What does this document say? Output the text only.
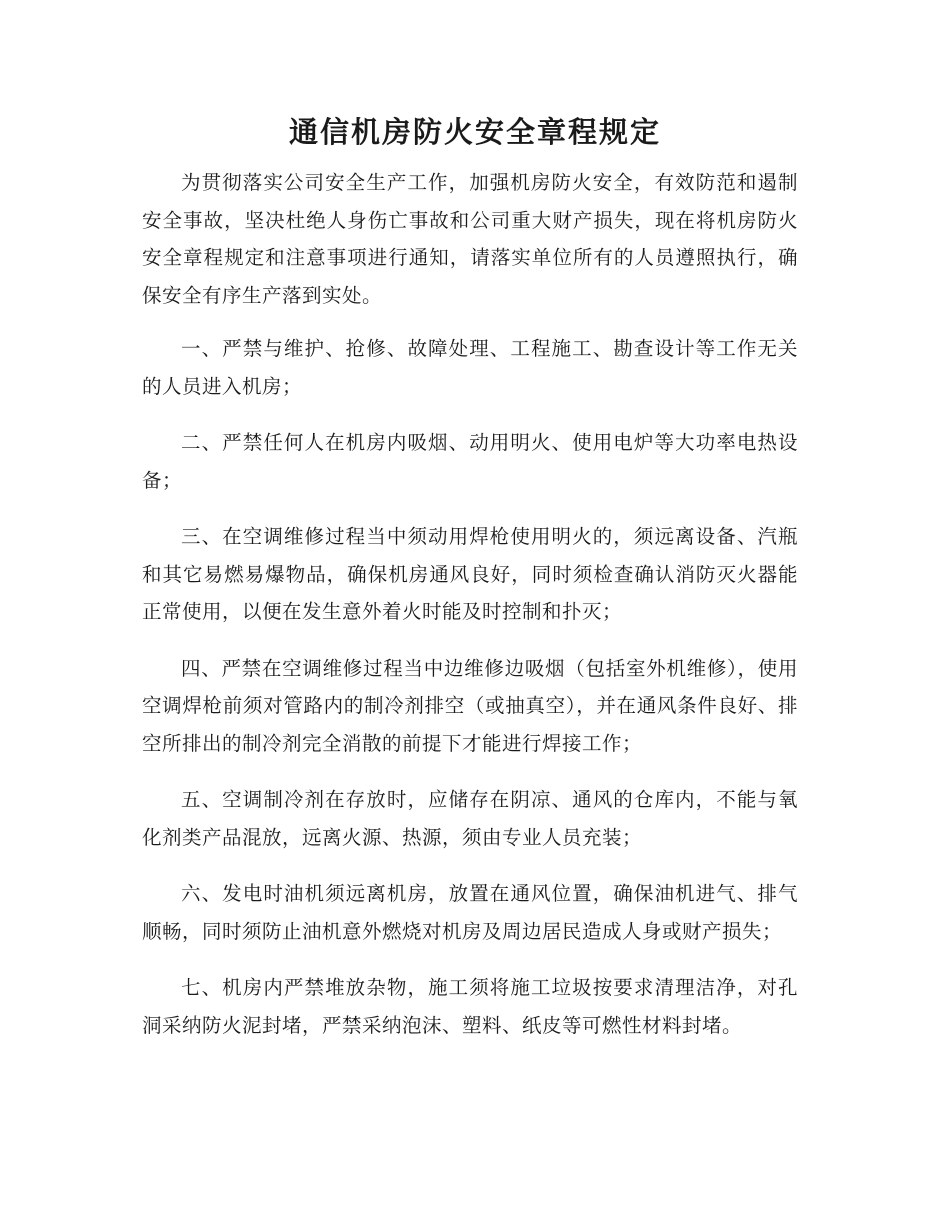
通信机房防火安全章程规定

为贯彻落实公司安全生产工作，加强机房防火安全，有效防范和遏制安全事故，坚决杜绝人身伤亡事故和公司重大财产损失，现在将机房防火安全章程规定和注意事项进行通知，请落实单位所有的人员遵照执行，确保安全有序生产落到实处。

一、严禁与维护、抢修、故障处理、工程施工、勘查设计等工作无关的人员进入机房；

二、严禁任何人在机房内吸烟、动用明火、使用电炉等大功率电热设备；

三、在空调维修过程当中须动用焊枪使用明火的，须远离设备、汽瓶和其它易燃易爆物品，确保机房通风良好，同时须检查确认消防灭火器能正常使用，以便在发生意外着火时能及时控制和扑灭；

四、严禁在空调维修过程当中边维修边吸烟（包括室外机维修），使用空调焊枪前须对管路内的制冷剂排空（或抽真空），并在通风条件良好、排空所排出的制冷剂完全消散的前提下才能进行焊接工作；

五、空调制冷剂在存放时，应储存在阴凉、通风的仓库内，不能与氧化剂类产品混放，远离火源、热源，须由专业人员充装；

六、发电时油机须远离机房，放置在通风位置，确保油机进气、排气顺畅，同时须防止油机意外燃烧对机房及周边居民造成人身或财产损失；

七、机房内严禁堆放杂物，施工须将施工垃圾按要求清理洁净，对孔洞采纳防火泥封堵，严禁采纳泡沫、塑料、纸皮等可燃性材料封堵。
